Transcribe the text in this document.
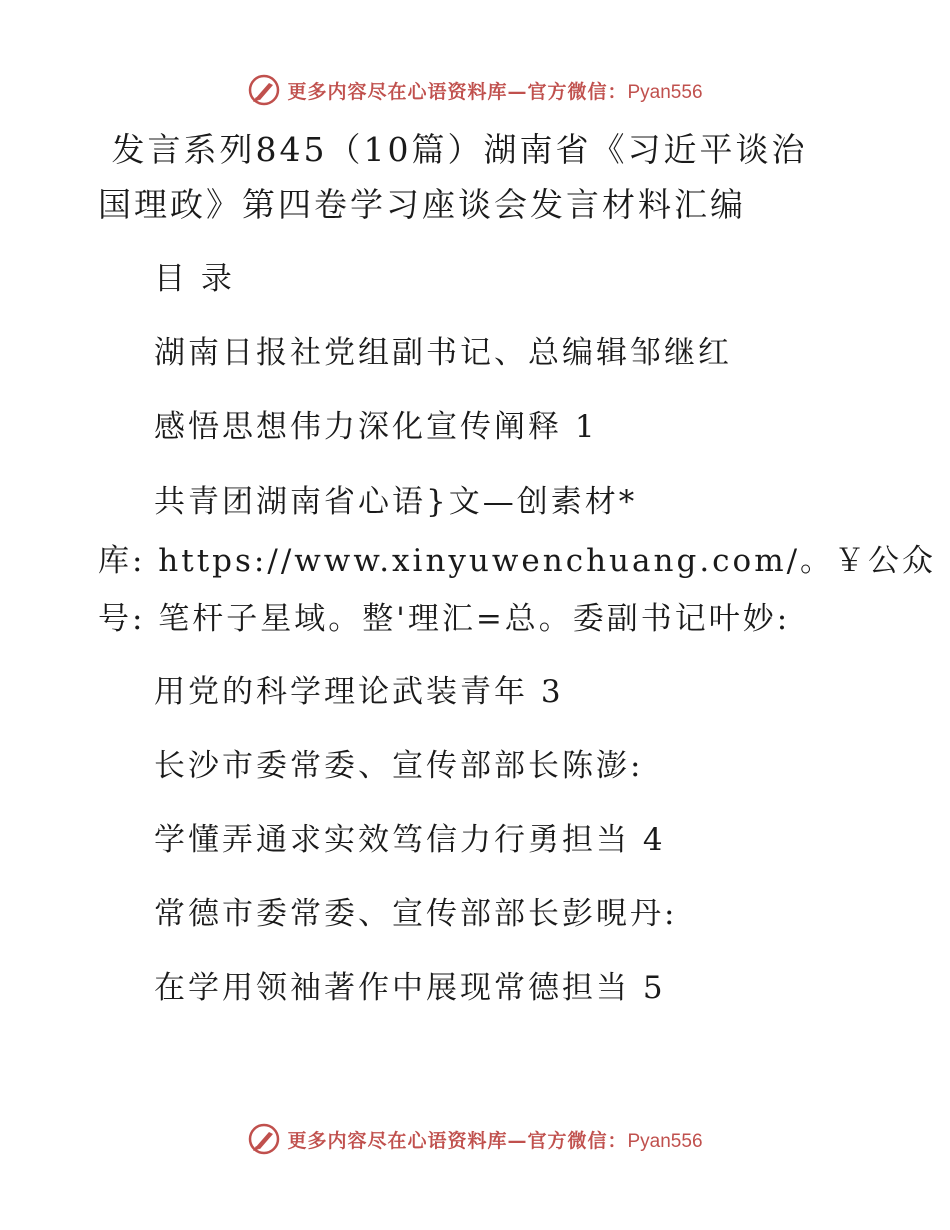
更多内容尽在心语资料库—官方微信：Pyan556
发言系列845（10篇）湖南省《习近平谈治国理政》第四卷学习座谈会发言材料汇编
目 录
湖南日报社党组副书记、总编辑邹继红
感悟思想伟力深化宣传阐释 1
共青团湖南省心语}文—创素材*
库: https://www.xinyuwenchuang.com/。￥公众
号: 笔杆子星域。整'理汇=总。委副书记叶妙:
用党的科学理论武装青年 3
长沙市委常委、宣传部部长陈澎:
学懂弄通求实效笃信力行勇担当 4
常德市委常委、宣传部部长彭晛丹:
在学用领袖著作中展现常德担当 5
更多内容尽在心语资料库—官方微信：Pyan556
